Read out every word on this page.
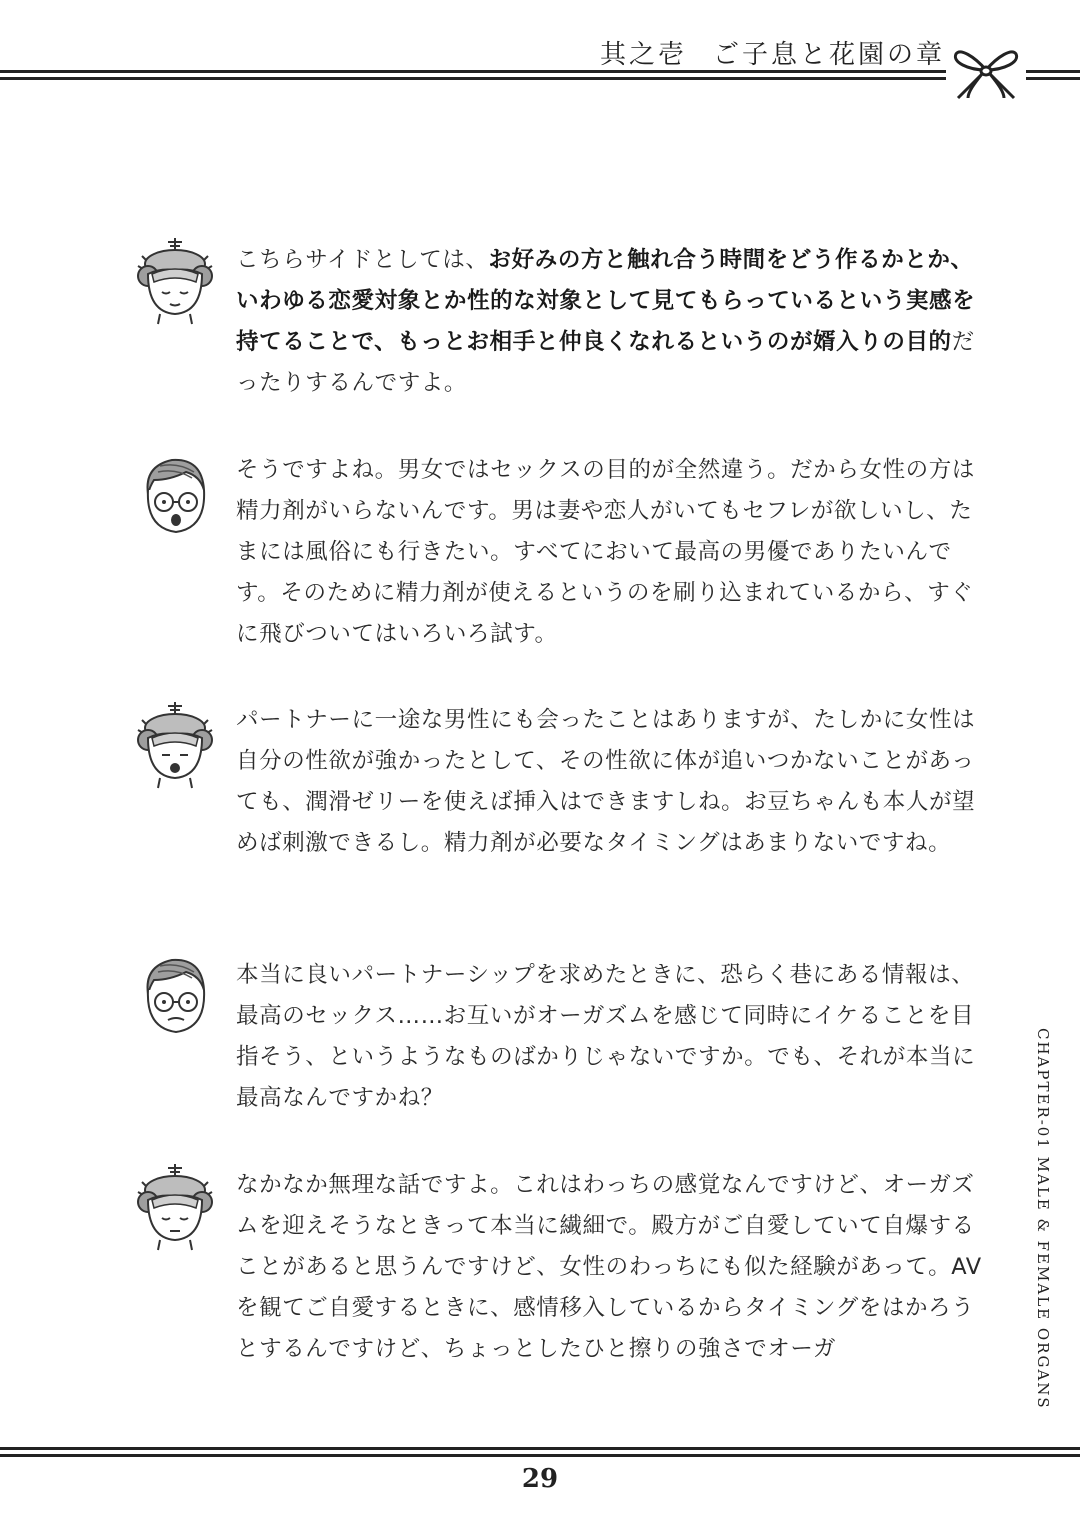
其之壱 ご子息と花園の章

こちらサイドとしては、お好みの方と触れ合う時間をどう作るかとか、いわゆる恋愛対象とか性的な対象として見てもらっているという実感を持てることで、もっとお相手と仲良くなれるというのが婿入りの目的だったりするんですよ。

そうですよね。男女ではセックスの目的が全然違う。だから女性の方は精力剤がいらないんです。男は妻や恋人がいてもセフレが欲しいし、たまには風俗にも行きたい。すべてにおいて最高の男優でありたいんです。そのために精力剤が使えるというのを刷り込まれているから、すぐに飛びついてはいろいろ試す。

パートナーに一途な男性にも会ったことはありますが、たしかに女性は自分の性欲が強かったとして、その性欲に体が追いつかないことがあっても、潤滑ゼリーを使えば挿入はできますしね。お豆ちゃんも本人が望めば刺激できるし。精力剤が必要なタイミングはあまりないですね。

本当に良いパートナーシップを求めたときに、恐らく巷にある情報は、最高のセックス……お互いがオーガズムを感じて同時にイケることを目指そう、というようなものばかりじゃないですか。でも、それが本当に最高なんですかね？

なかなか無理な話ですよ。これはわっちの感覚なんですけど、オーガズムを迎えそうなときって本当に繊細で。殿方がご自愛していて自爆することがあると思うんですけど、女性のわっちにも似た経験があって。AVを観てご自愛するときに、感情移入しているからタイミングをはかろうとするんですけど、ちょっとしたひと擦りの強さでオーガ	CHAPTER-01 MALE & FEMALE ORGANS
29
